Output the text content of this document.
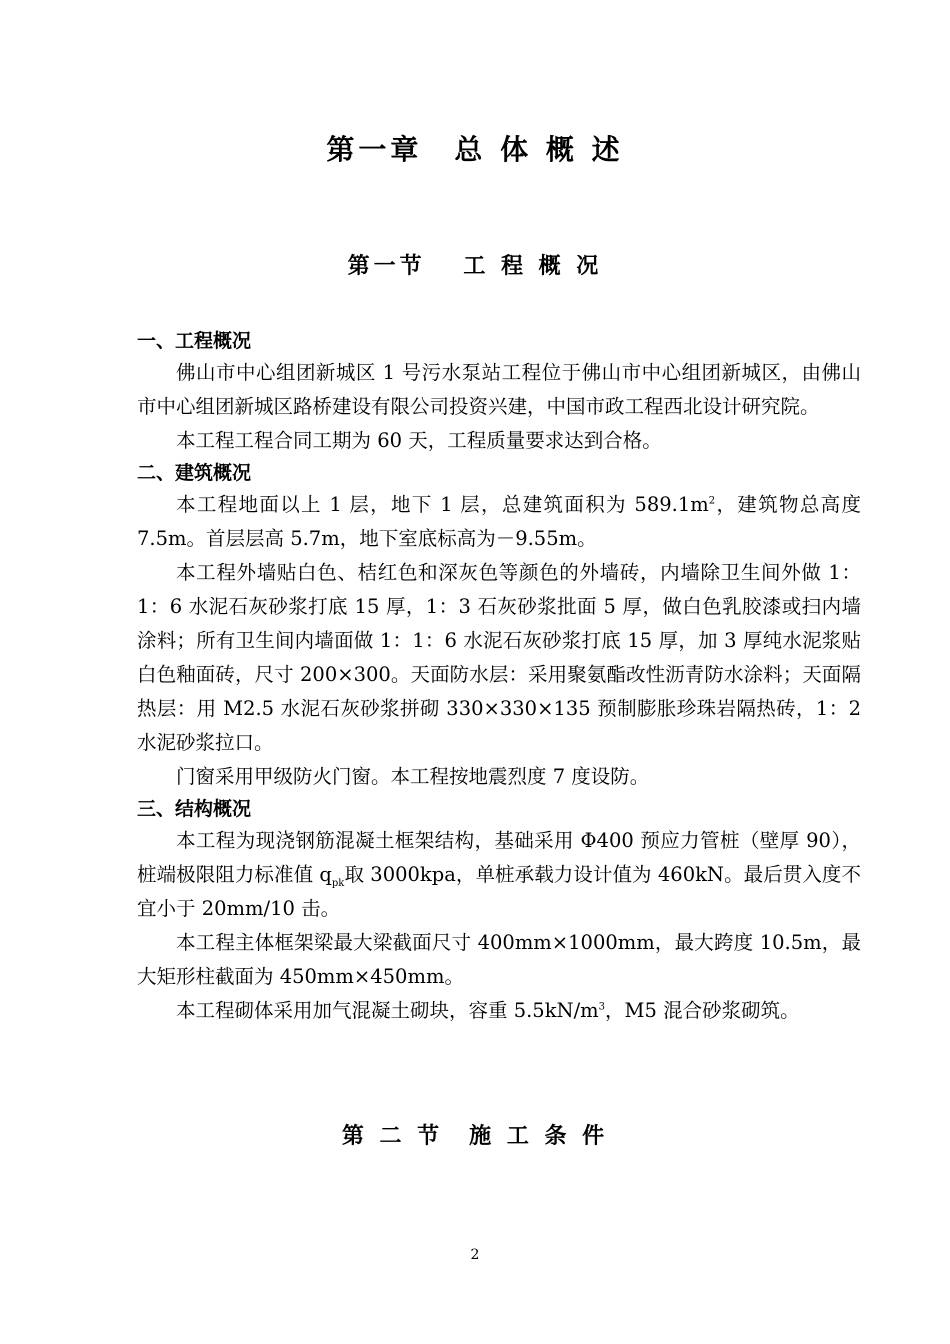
第一章　总 体 概 述
第一节　 工 程 概 况

一、工程概况

佛山市中心组团新城区 1 号污水泵站工程位于佛山市中心组团新城区，由佛山市中心组团新城区路桥建设有限公司投资兴建，中国市政工程西北设计研究院。

本工程工程合同工期为 60 天，工程质量要求达到合格。

二、建筑概况

本工程地面以上 1 层，地下 1 层，总建筑面积为 $589.1m^2$，建筑物总高度 7.5m。首层层高 5.7m，地下室底标高为－9.55m。

本工程外墙贴白色、桔红色和深灰色等颜色的外墙砖，内墙除卫生间外做 1：1：6 水泥石灰砂浆打底 15 厚，1：3 石灰砂浆批面 5 厚，做白色乳胶漆或扫内墙涂料；所有卫生间内墙面做 1：1：6 水泥石灰砂浆打底 15 厚，加 3 厚纯水泥浆贴白色釉面砖，尺寸 200×300。天面防水层：采用聚氨酯改性沥青防水涂料；天面隔热层：用 M2.5 水泥石灰砂浆拼砌 330×330×135 预制膨胀珍珠岩隔热砖，1：2 水泥砂浆拉口。

门窗采用甲级防火门窗。本工程按地震烈度 7 度设防。

三、结构概况

本工程为现浇钢筋混凝土框架结构，基础采用 Φ400 预应力管桩（壁厚 90），桩端极限阻力标准值 $q_{pk}$取 3000kpa，单桩承载力设计值为 460kN。最后贯入度不宜小于 20mm/10 击。

本工程主体框架梁最大梁截面尺寸 400mm×1000mm，最大跨度 10.5m，最大矩形柱截面为 450mm×450mm。

本工程砌体采用加气混凝土砌块，容重 $5.5kN/m^3$，M5 混合砂浆砌筑。

第 二 节　施 工 条 件
2
